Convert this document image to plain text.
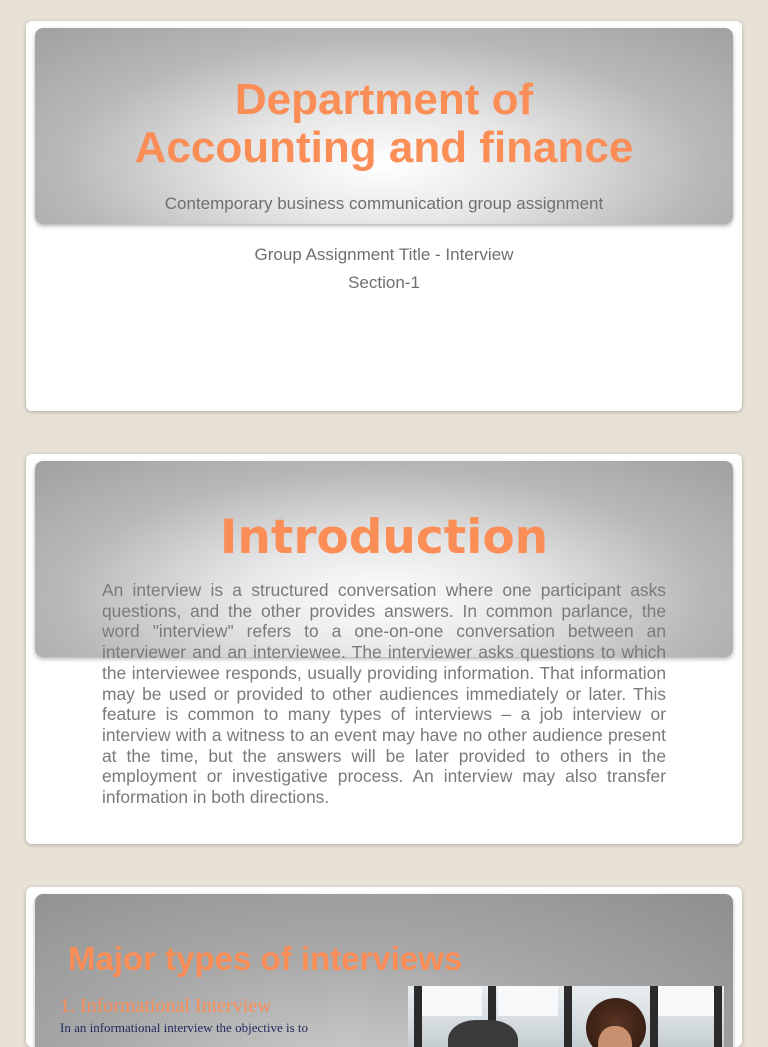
Department of
Accounting and finance
Contemporary business communication group assignment
Group Assignment Title - Interview
Section-1
Introduction
An interview is a structured conversation where one participant asks questions, and the other provides answers. In common parlance, the word "interview" refers to a one-on-one conversation between an interviewer and an interviewee. The interviewer asks questions to which the interviewee responds, usually providing information. That information may be used or provided to other audiences immediately or later. This feature is common to many types of interviews – a job interview or interview with a witness to an event may have no other audience present at the time, but the answers will be later provided to others in the employment or investigative process. An interview may also transfer information in both directions.
Major types of interviews
1. Informational Interview
In an informational interview the objective is to
